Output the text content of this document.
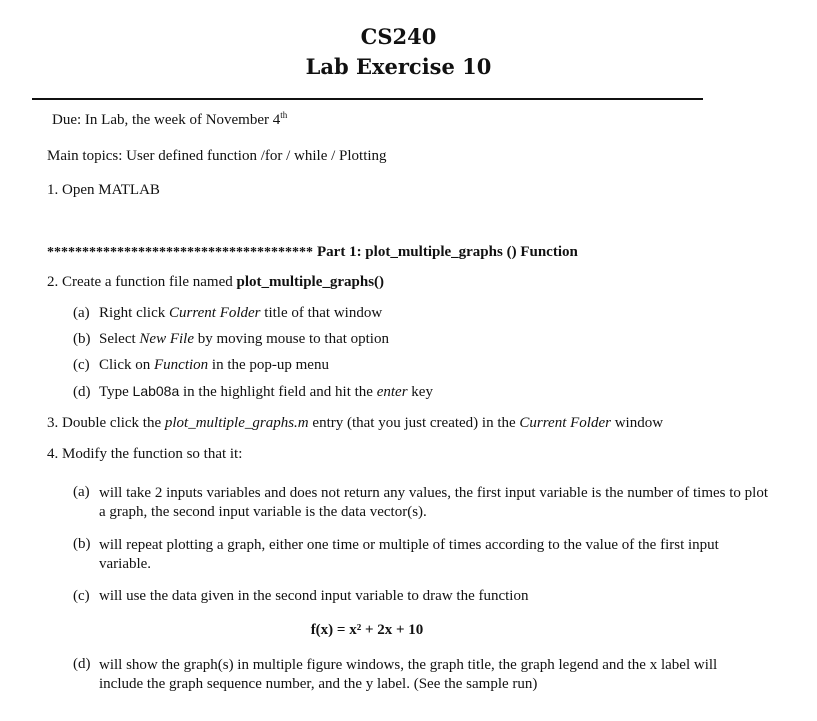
CS240
Lab Exercise 10
Due: In Lab, the week of November 4th
Main topics: User defined function /for / while / Plotting
1. Open MATLAB
************************************** Part 1: plot_multiple_graphs () Function
2. Create a function file named plot_multiple_graphs()
(a) Right click Current Folder title of that window
(b) Select New File by moving mouse to that option
(c) Click on Function in the pop-up menu
(d) Type Lab08a in the highlight field and hit the enter key
3. Double click the plot_multiple_graphs.m entry (that you just created) in the Current Folder window
4. Modify the function so that it:
(a) will take 2 inputs variables and does not return any values, the first input variable is the number of times to plot a graph, the second input variable is the data vector(s).
(b) will repeat plotting a graph, either one time or multiple of times according to the value of the first input variable.
(c) will use the data given in the second input variable to draw the function
f(x) = x² + 2x + 10
(d) will show the graph(s) in multiple figure windows, the graph title, the graph legend and the x label will include the graph sequence number, and the y label. (See the sample run)
